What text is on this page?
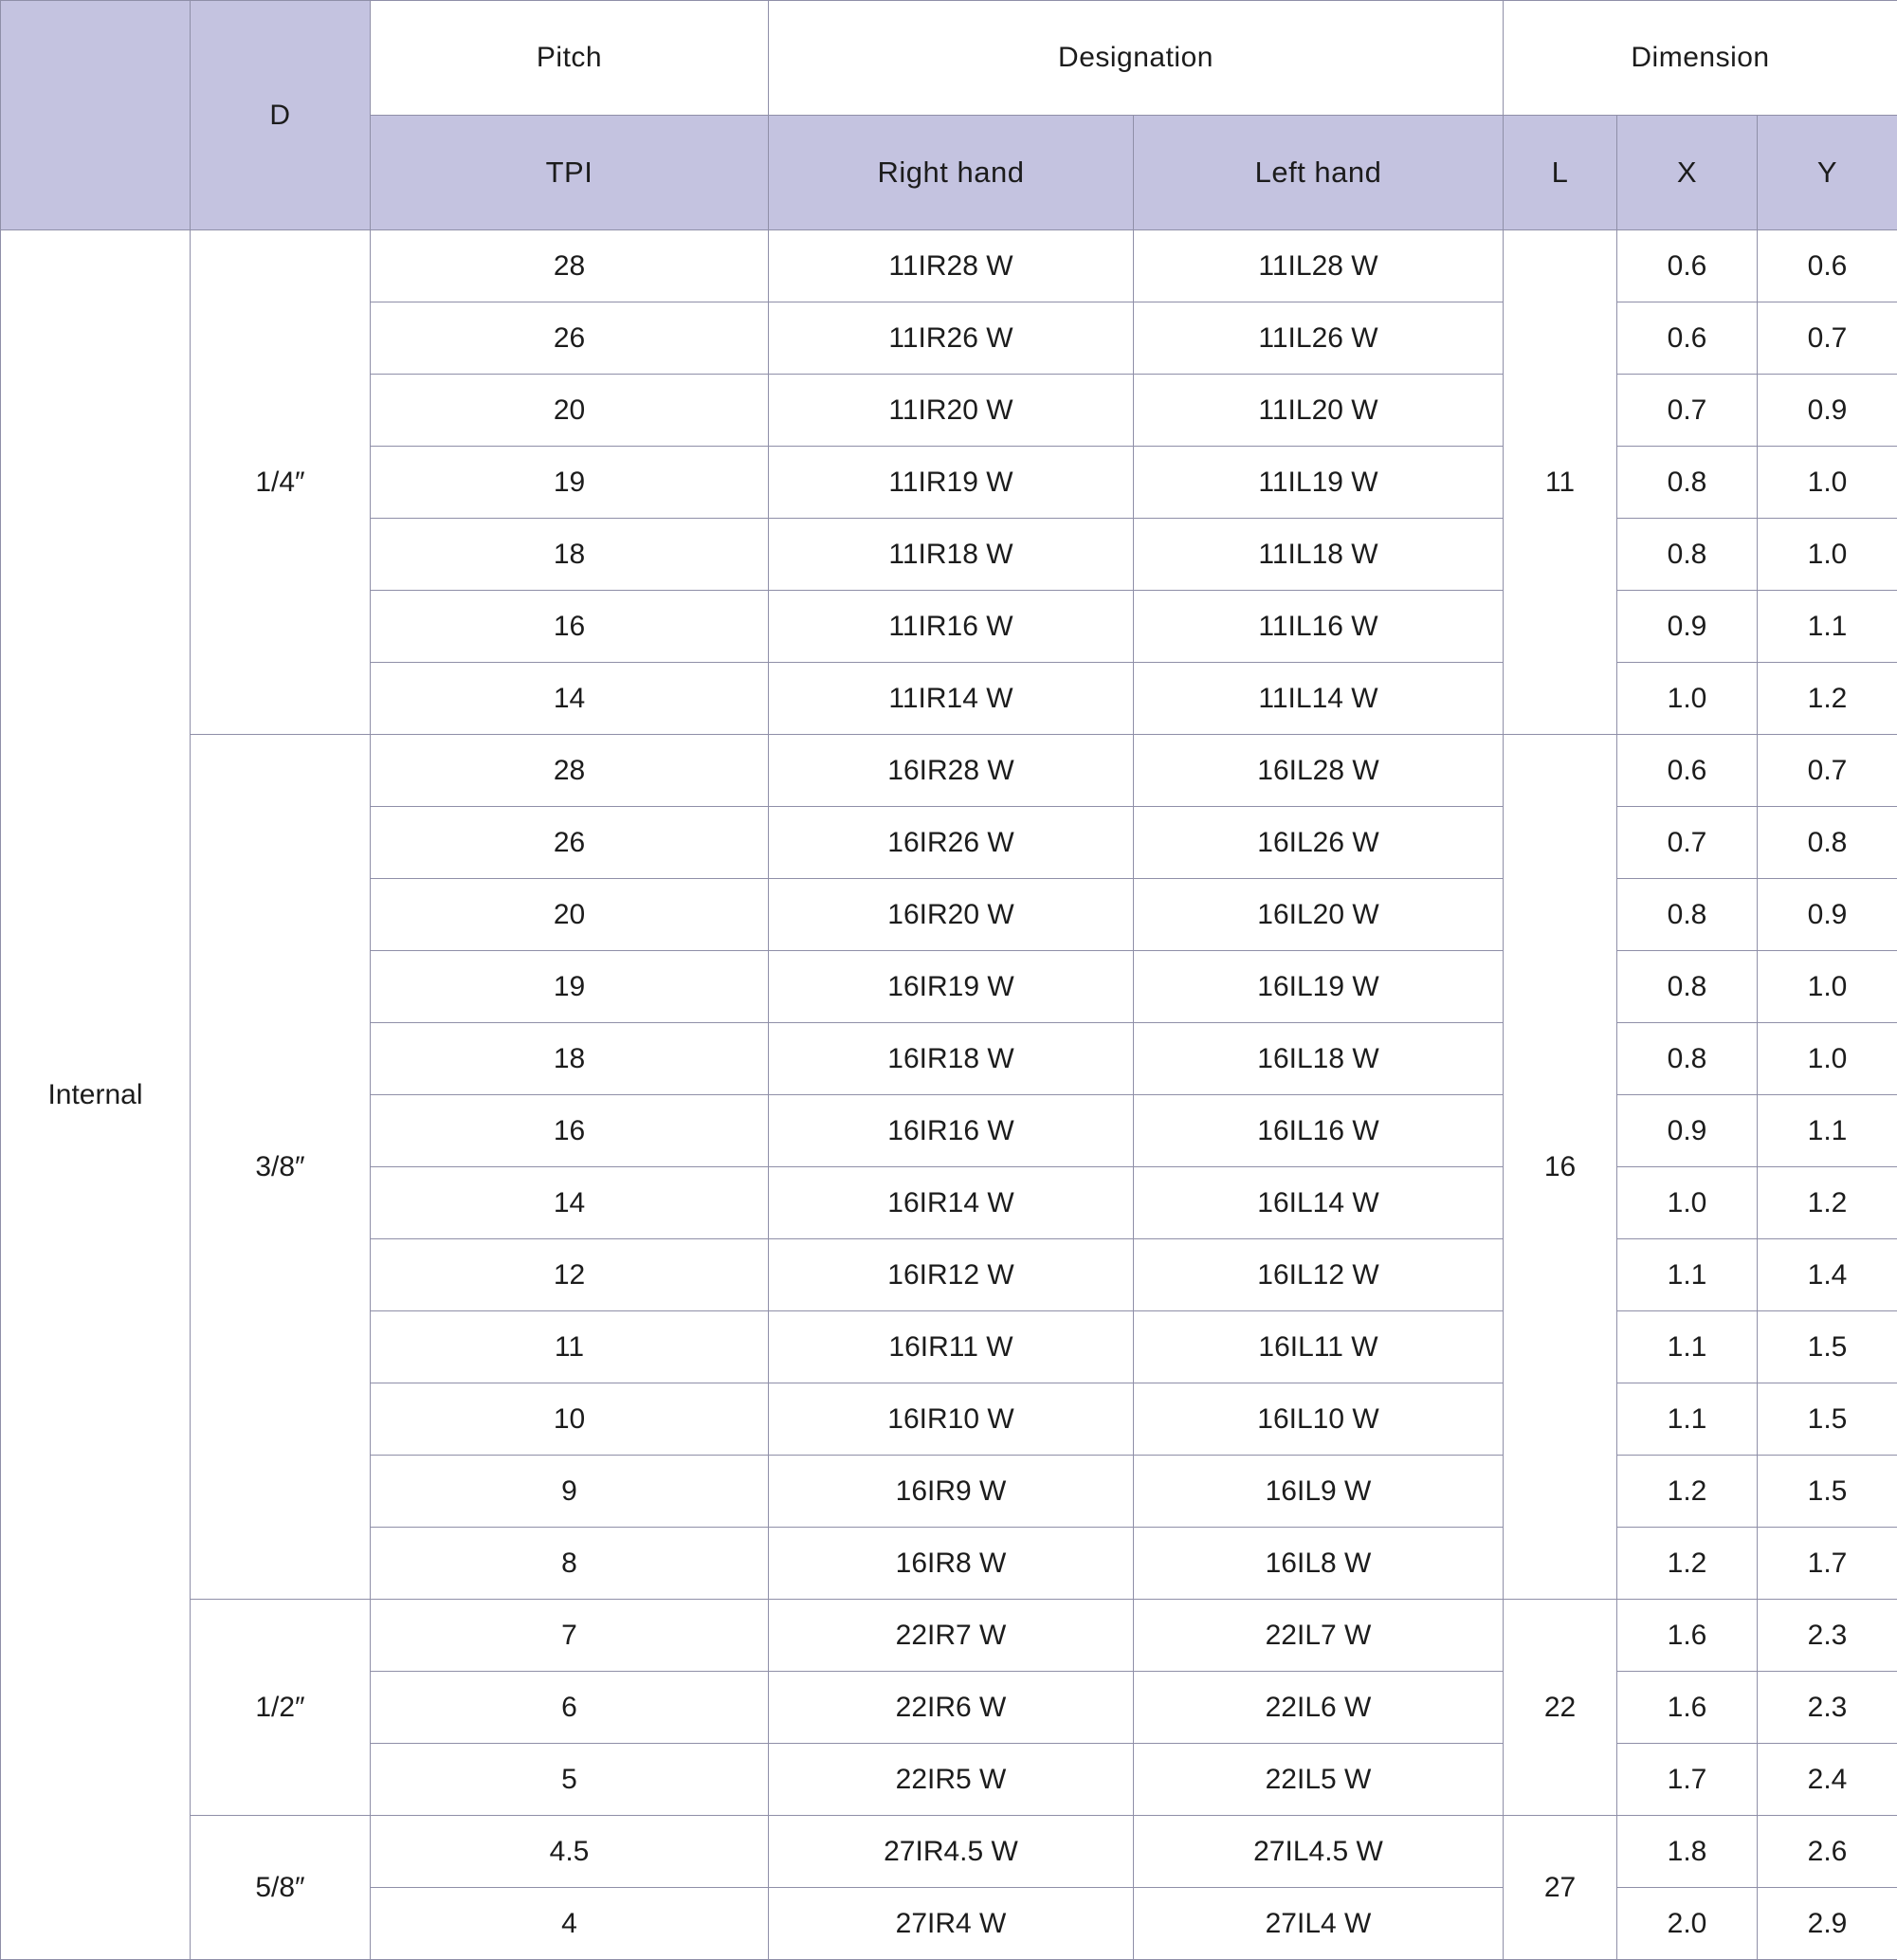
	D	Pitch	Designation		Dimension		
		TPI	Right hand	Left hand	L	X	Y
Internal	1/4″	28	11IR28 W	11IL28 W	11	0.6	0.6
		26	11IR26 W	11IL26 W		0.6	0.7
		20	11IR20 W	11IL20 W		0.7	0.9
		19	11IR19 W	11IL19 W		0.8	1.0
		18	11IR18 W	11IL18 W		0.8	1.0
		16	11IR16 W	11IL16 W		0.9	1.1
		14	11IR14 W	11IL14 W		1.0	1.2
	3/8″	28	16IR28 W	16IL28 W	16	0.6	0.7
		26	16IR26 W	16IL26 W		0.7	0.8
		20	16IR20 W	16IL20 W		0.8	0.9
		19	16IR19 W	16IL19 W		0.8	1.0
		18	16IR18 W	16IL18 W		0.8	1.0
		16	16IR16 W	16IL16 W		0.9	1.1
		14	16IR14 W	16IL14 W		1.0	1.2
		12	16IR12 W	16IL12 W		1.1	1.4
		11	16IR11 W	16IL11 W		1.1	1.5
		10	16IR10 W	16IL10 W		1.1	1.5
		9	16IR9 W	16IL9 W		1.2	1.5
		8	16IR8 W	16IL8 W		1.2	1.7
	1/2″	7	22IR7 W	22IL7 W	22	1.6	2.3
		6	22IR6 W	22IL6 W		1.6	2.3
		5	22IR5 W	22IL5 W		1.7	2.4
	5/8″	4.5	27IR4.5 W	27IL4.5 W	27	1.8	2.6
		4	27IR4 W	27IL4 W		2.0	2.9
